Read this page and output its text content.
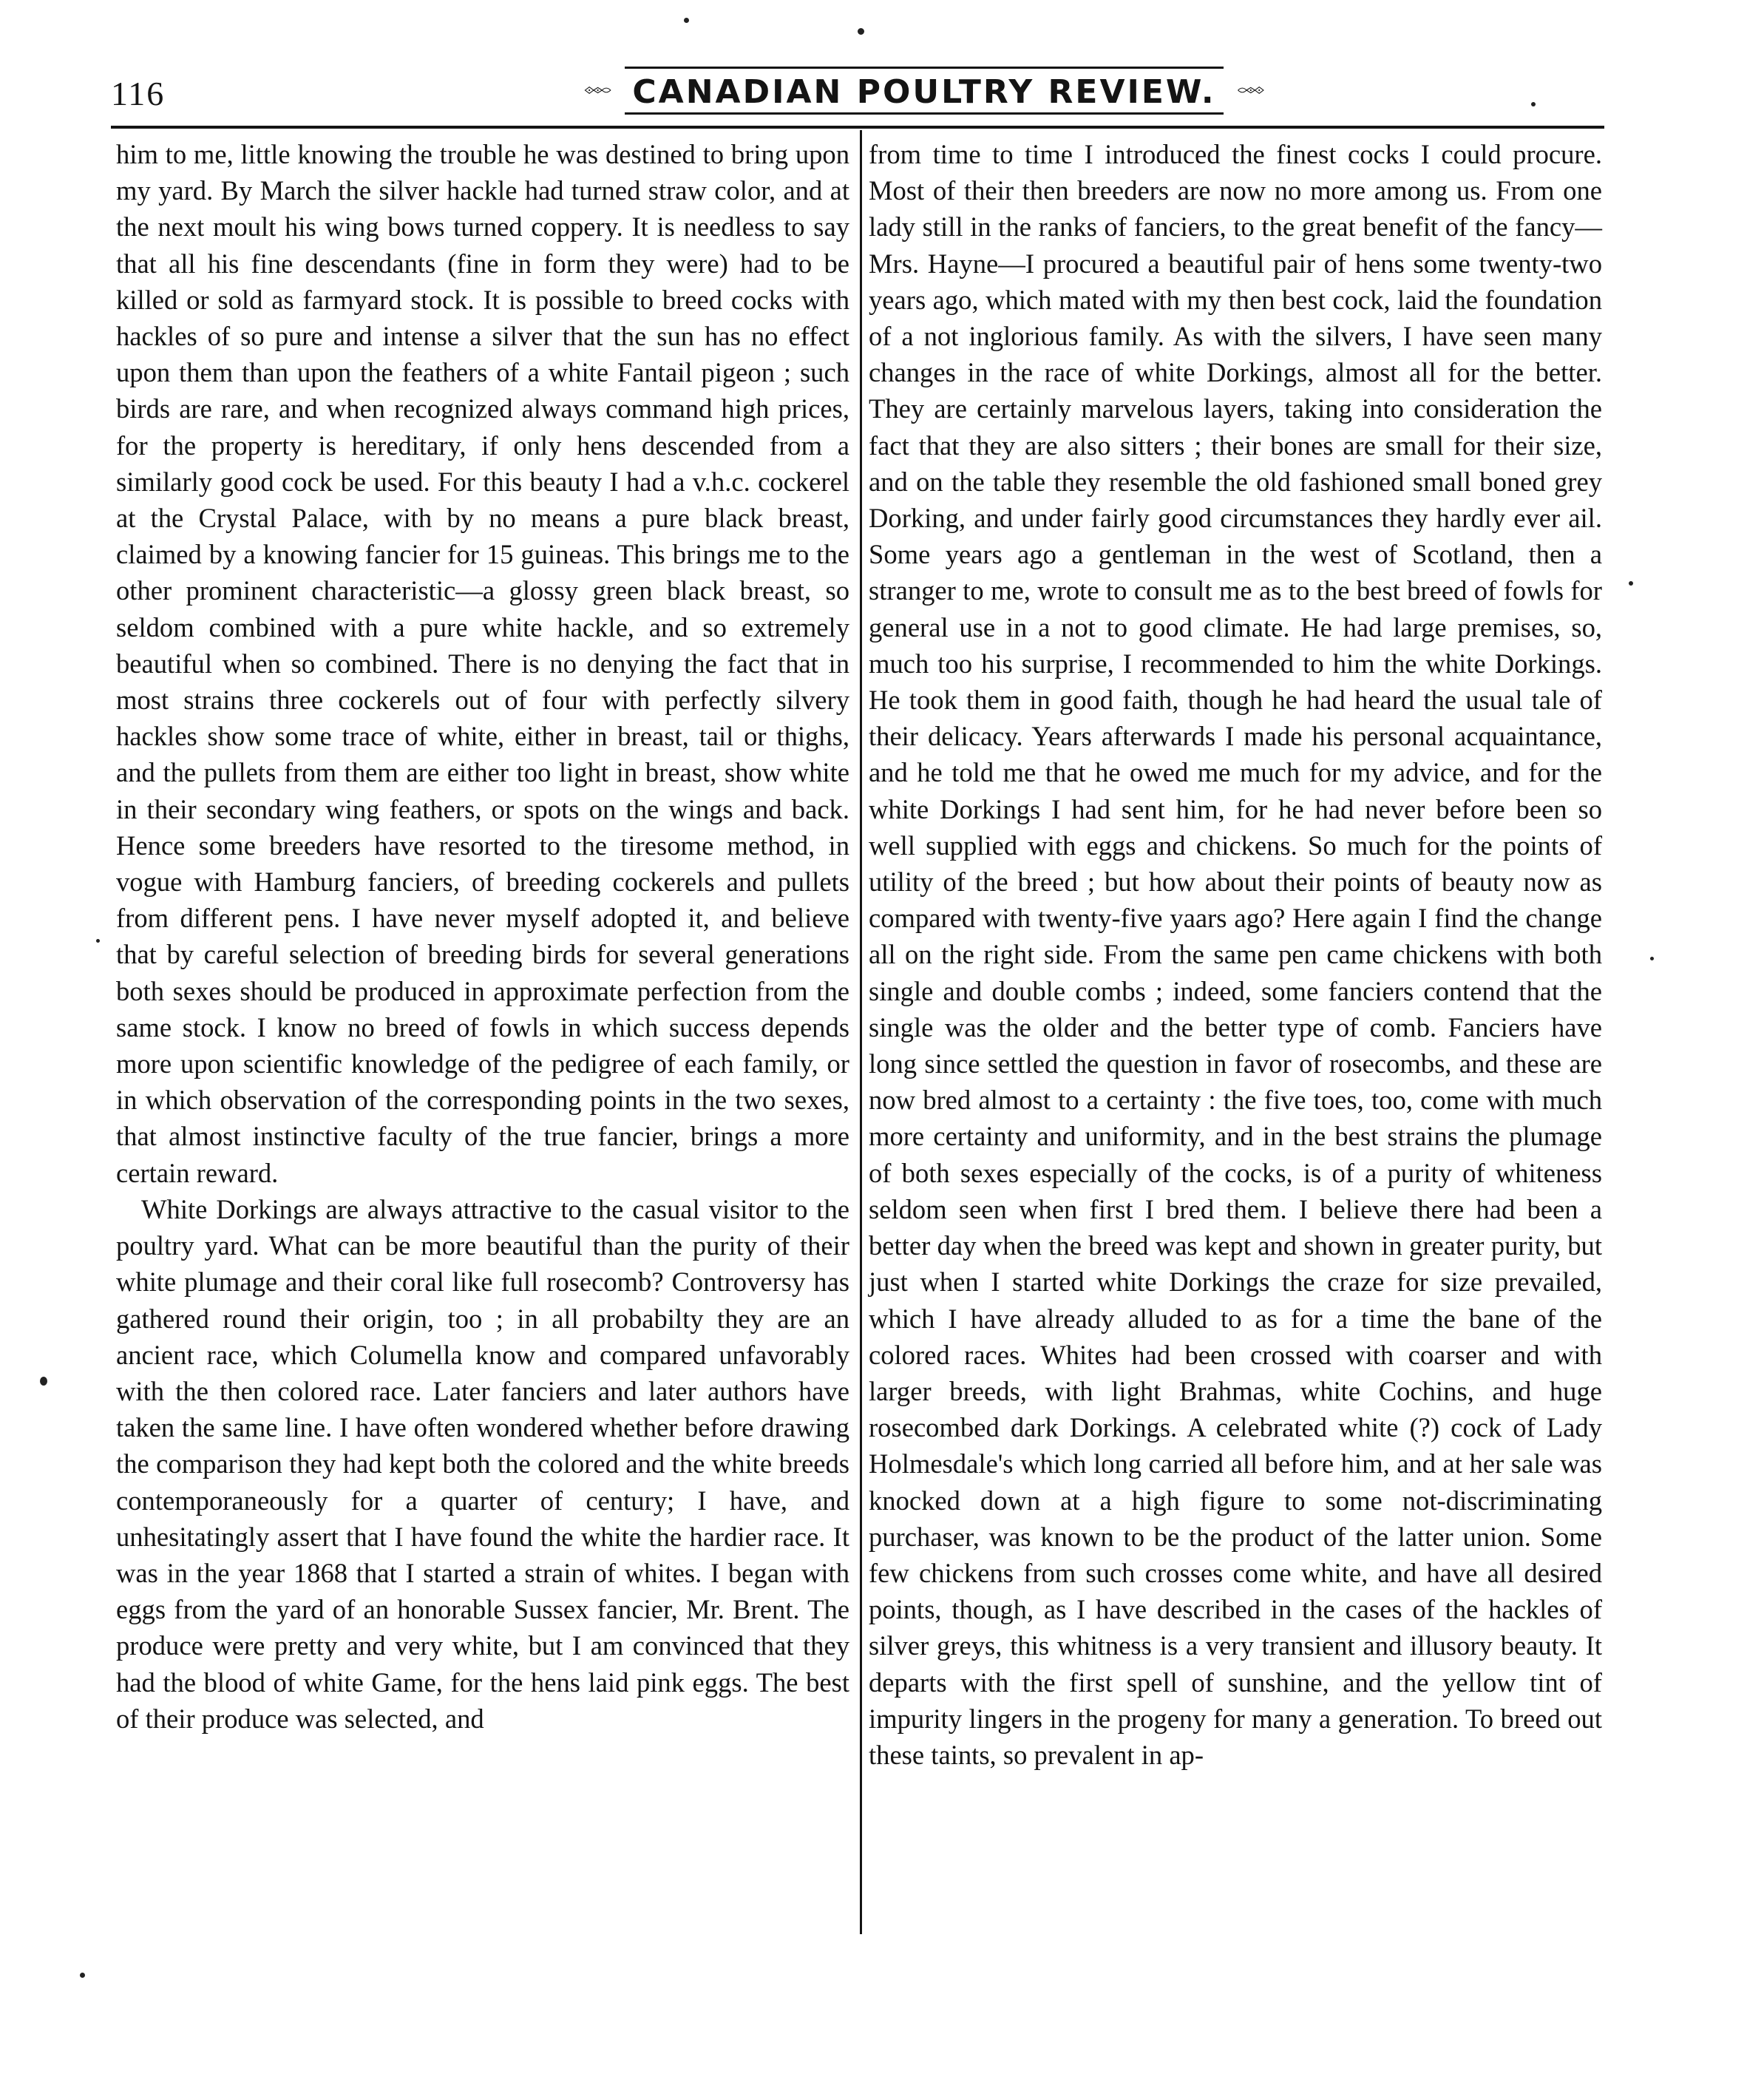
116	CANADIAN POULTRY REVIEW.

him to me, little knowing the trouble he was destined to bring upon my yard. By March the silver hackle had turned straw color, and at the next moult his wing bows turned coppery. It is needless to say that all his fine descendants (fine in form they were) had to be killed or sold as farmyard stock. It is possible to breed cocks with hackles of so pure and intense a silver that the sun has no effect upon them than upon the feathers of a white Fantail pigeon ; such birds are rare, and when recognized always command high prices, for the property is hereditary, if only hens descended from a similarly good cock be used. For this beauty I had a v.h.c. cockerel at the Crystal Palace, with by no means a pure black breast, claimed by a knowing fancier for 15 guineas. This brings me to the other prominent characteristic—a glossy green black breast, so seldom combined with a pure white hackle, and so extremely beautiful when so combined. There is no denying the fact that in most strains three cockerels out of four with perfectly silvery hackles show some trace of white, either in breast, tail or thighs, and the pullets from them are either too light in breast, show white in their secondary wing feathers, or spots on the wings and back. Hence some breeders have resorted to the tiresome method, in vogue with Hamburg fanciers, of breeding cockerels and pullets from different pens. I have never myself adopted it, and believe that by careful selection of breeding birds for several generations both sexes should be produced in approximate perfection from the same stock. I know no breed of fowls in which success depends more upon scientific knowledge of the pedigree of each family, or in which observation of the corresponding points in the two sexes, that almost instinctive faculty of the true fancier, brings a more certain reward.

White Dorkings are always attractive to the casual visitor to the poultry yard. What can be more beautiful than the purity of their white plumage and their coral like full rosecomb? Controversy has gathered round their origin, too ; in all probabilty they are an ancient race, which Columella know and compared unfavorably with the then colored race. Later fanciers and later authors have taken the same line. I have often wondered whether before drawing the comparison they had kept both the colored and the white breeds contemporaneously for a quarter of century; I have, and unhesitatingly assert that I have found the white the hardier race. It was in the year 1868 that I started a strain of whites. I began with eggs from the yard of an honorable Sussex fancier, Mr. Brent. The produce were pretty and very white, but I am convinced that they had the blood of white Game, for the hens laid pink eggs. The best of their produce was selected, and

from time to time I introduced the finest cocks I could procure. Most of their then breeders are now no more among us. From one lady still in the ranks of fanciers, to the great benefit of the fancy—Mrs. Hayne—I procured a beautiful pair of hens some twenty-two years ago, which mated with my then best cock, laid the foundation of a not inglorious family. As with the silvers, I have seen many changes in the race of white Dorkings, almost all for the better. They are certainly marvelous layers, taking into consideration the fact that they are also sitters ; their bones are small for their size, and on the table they resemble the old fashioned small boned grey Dorking, and under fairly good circumstances they hardly ever ail. Some years ago a gentleman in the west of Scotland, then a stranger to me, wrote to consult me as to the best breed of fowls for general use in a not to good climate. He had large premises, so, much too his surprise, I recommended to him the white Dorkings. He took them in good faith, though he had heard the usual tale of their delicacy. Years afterwards I made his personal acquaintance, and he told me that he owed me much for my advice, and for the white Dorkings I had sent him, for he had never before been so well supplied with eggs and chickens. So much for the points of utility of the breed ; but how about their points of beauty now as compared with twenty-five yaars ago? Here again I find the change all on the right side. From the same pen came chickens with both single and double combs ; indeed, some fanciers contend that the single was the older and the better type of comb. Fanciers have long since settled the question in favor of rosecombs, and these are now bred almost to a certainty : the five toes, too, come with much more certainty and uniformity, and in the best strains the plumage of both sexes especially of the cocks, is of a purity of whiteness seldom seen when first I bred them. I believe there had been a better day when the breed was kept and shown in greater purity, but just when I started white Dorkings the craze for size prevailed, which I have already alluded to as for a time the bane of the colored races. Whites had been crossed with coarser and with larger breeds, with light Brahmas, white Cochins, and huge rosecombed dark Dorkings. A celebrated white (?) cock of Lady Holmesdale's which long carried all before him, and at her sale was knocked down at a high figure to some not-discriminating purchaser, was known to be the product of the latter union. Some few chickens from such crosses come white, and have all desired points, though, as I have described in the cases of the hackles of silver greys, this whitness is a very transient and illusory beauty. It departs with the first spell of sunshine, and the yellow tint of impurity lingers in the progeny for many a generation. To breed out these taints, so prevalent in ap-
